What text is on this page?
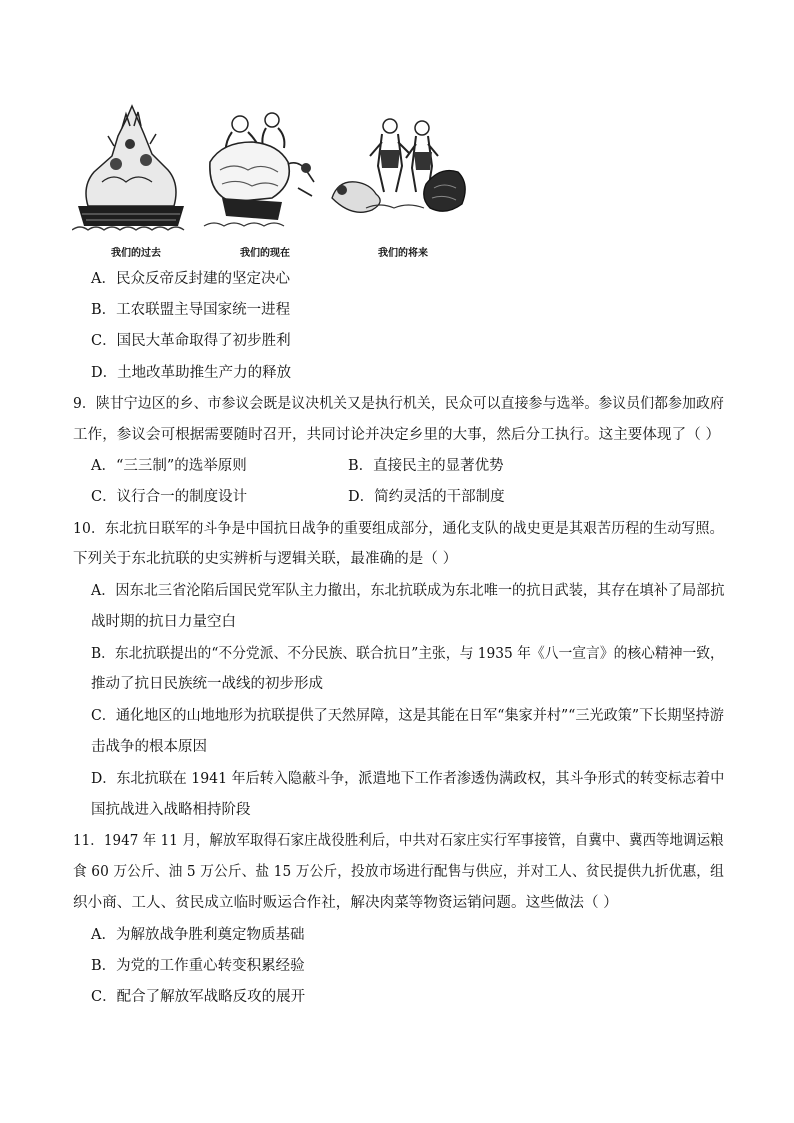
我们的过去	我们的现在	我们的将来
A．民众反帝反封建的坚定决心
B．工农联盟主导国家统一进程
C．国民大革命取得了初步胜利
D．土地改革助推生产力的释放
9．陕甘宁边区的乡、市参议会既是议决机关又是执行机关，民众可以直接参与选举。参议员们都参加政府
工作，参议会可根据需要随时召开，共同讨论并决定乡里的大事，然后分工执行。这主要体现了（ ）
A．“三三制”的选举原则	B．直接民主的显著优势
C．议行合一的制度设计	D．简约灵活的干部制度
10．东北抗日联军的斗争是中国抗日战争的重要组成部分，通化支队的战史更是其艰苦历程的生动写照。
下列关于东北抗联的史实辨析与逻辑关联，最准确的是（ ）
A．因东北三省沦陷后国民党军队主力撤出，东北抗联成为东北唯一的抗日武装，其存在填补了局部抗
战时期的抗日力量空白
B．东北抗联提出的“不分党派、不分民族、联合抗日”主张，与 1935 年《八一宣言》的核心精神一致，
推动了抗日民族统一战线的初步形成
C．通化地区的山地地形为抗联提供了天然屏障，这是其能在日军“集家并村”“三光政策”下长期坚持游
击战争的根本原因
D．东北抗联在 1941 年后转入隐蔽斗争，派遣地下工作者渗透伪满政权，其斗争形式的转变标志着中
国抗战进入战略相持阶段
11．1947 年 11 月，解放军取得石家庄战役胜利后，中共对石家庄实行军事接管，自冀中、冀西等地调运粮
食 60 万公斤、油 5 万公斤、盐 15 万公斤，投放市场进行配售与供应，并对工人、贫民提供九折优惠，组
织小商、工人、贫民成立临时贩运合作社，解决肉菜等物资运销问题。这些做法（ ）
A．为解放战争胜利奠定物质基础
B．为党的工作重心转变积累经验
C．配合了解放军战略反攻的展开
